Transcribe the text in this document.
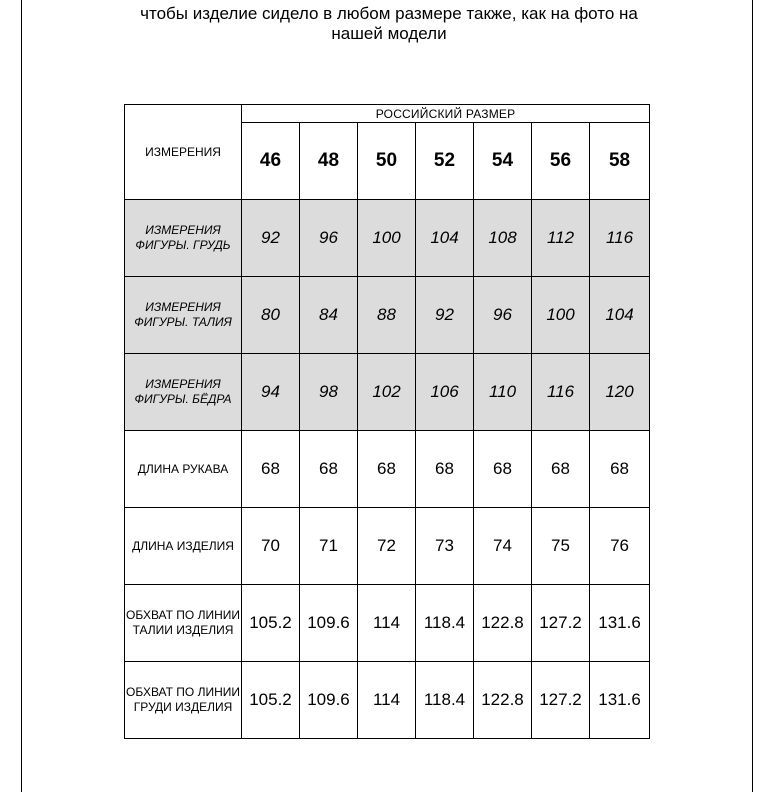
чтобы изделие сидело в любом размере также, как на фото на
нашей модели
ИЗМЕРЕНИЯ	РОССИЙСКИЙ РАЗМЕР						
	46	48	50	52	54	56	58
ИЗМЕРЕНИЯ ФИГУРЫ. ГРУДЬ	92	96	100	104	108	112	116
ИЗМЕРЕНИЯ ФИГУРЫ. ТАЛИЯ	80	84	88	92	96	100	104
ИЗМЕРЕНИЯ ФИГУРЫ. БЁДРА	94	98	102	106	110	116	120
ДЛИНА РУКАВА	68	68	68	68	68	68	68
ДЛИНА ИЗДЕЛИЯ	70	71	72	73	74	75	76
ОБХВАТ ПО ЛИНИИ ТАЛИИ ИЗДЕЛИЯ	105.2	109.6	114	118.4	122.8	127.2	131.6
ОБХВАТ ПО ЛИНИИ ГРУДИ ИЗДЕЛИЯ	105.2	109.6	114	118.4	122.8	127.2	131.6
